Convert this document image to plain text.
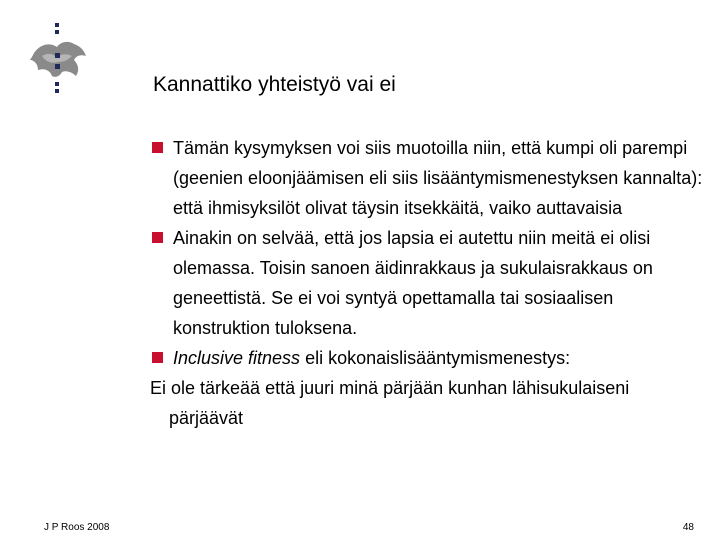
Kannattiko yhteistyö vai ei
Tämän kysymyksen voi siis muotoilla niin, että kumpi oli parempi (geenien eloonjäämisen eli siis lisääntymismenestyksen kannalta): että ihmisyksilöt olivat täysin itsekkäitä, vaiko auttavaisia
Ainakin on selvää, että jos lapsia ei autettu niin meitä ei olisi olemassa. Toisin sanoen äidinrakkaus ja sukulaisrakkaus on geneettistä. Se ei voi syntyä opettamalla tai sosiaalisen konstruktion tuloksena.
Inclusive fitness eli kokonaislisääntymismenestys:
Ei ole tärkeää että juuri minä pärjään kunhan lähisukulaiseni
pärjäävät
J P Roos 2008	48
